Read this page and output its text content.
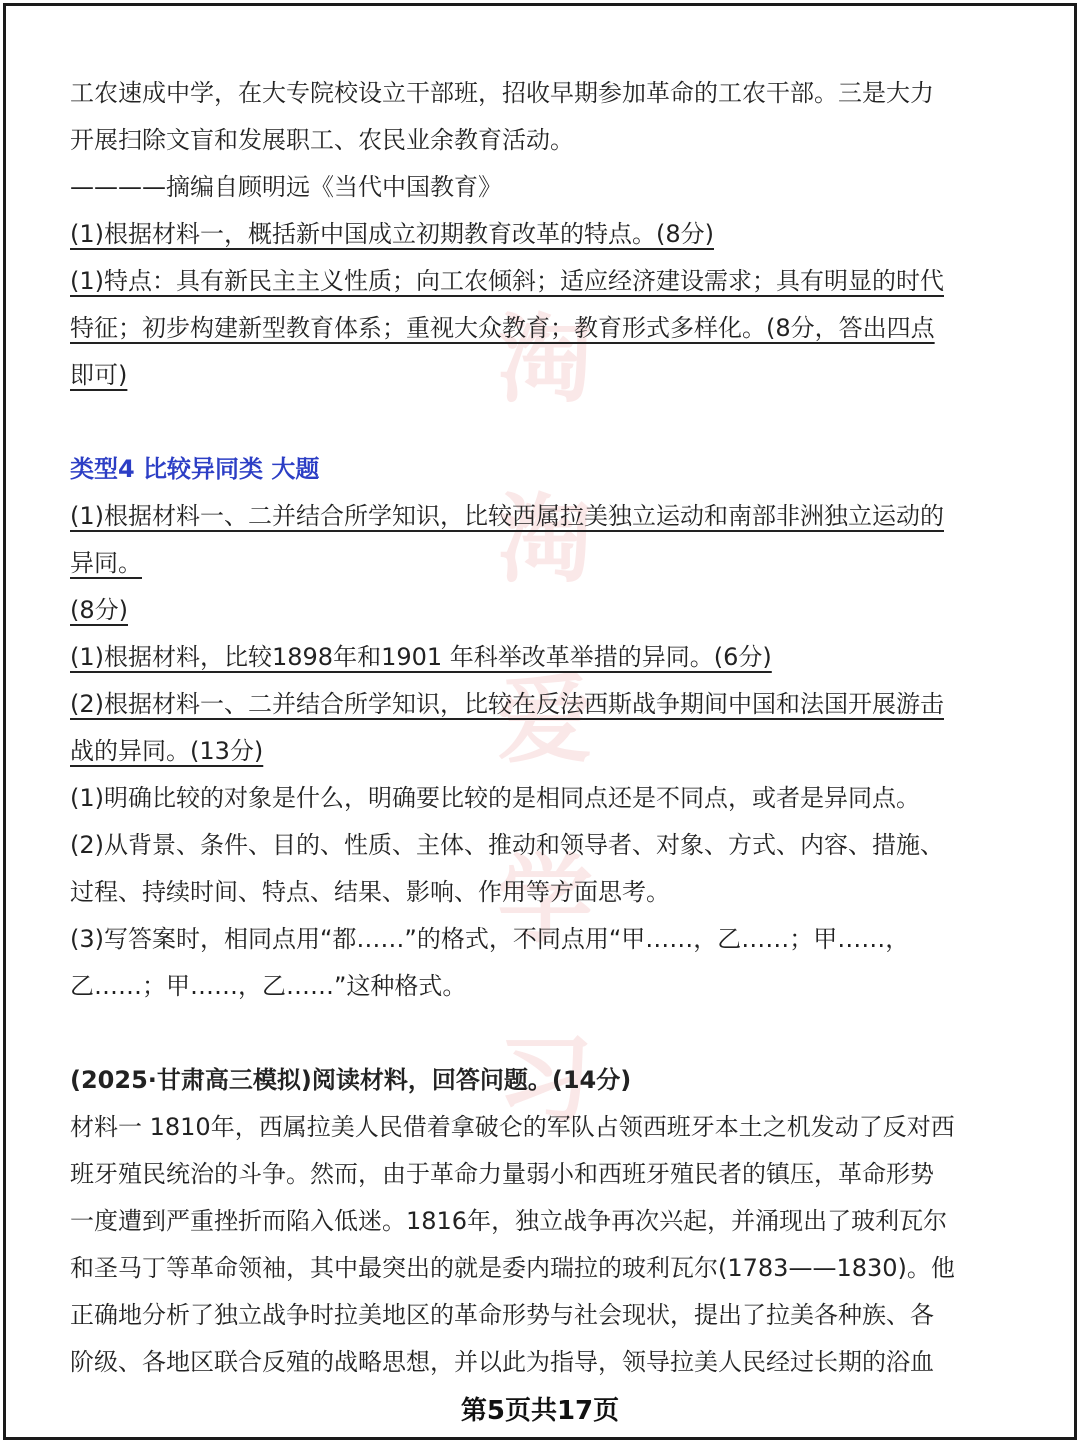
淘
淘
爱
学
习
工农速成中学，在大专院校设立干部班，招收早期参加革命的工农干部。三是大力
开展扫除文盲和发展职工、农民业余教育活动。
————摘编自顾明远《当代中国教育》
(1)根据材料一，概括新中国成立初期教育改革的特点。(8分)
(1)特点：具有新民主主义性质；向工农倾斜；适应经济建设需求；具有明显的时代
特征；初步构建新型教育体系；重视大众教育；教育形式多样化。(8分，答出四点
即可)
类型4 比较异同类 大题
(1)根据材料一、二并结合所学知识，比较西属拉美独立运动和南部非洲独立运动的
异同。
(8分)
(1)根据材料，比较1898年和1901 年科举改革举措的异同。(6分)
(2)根据材料一、二并结合所学知识，比较在反法西斯战争期间中国和法国开展游击
战的异同。(13分)
(1)明确比较的对象是什么，明确要比较的是相同点还是不同点，或者是异同点。
(2)从背景、条件、目的、性质、主体、推动和领导者、对象、方式、内容、措施、
过程、持续时间、特点、结果、影响、作用等方面思考。
(3)写答案时，相同点用“都……”的格式，不同点用“甲……，乙……；甲……，
乙……；甲……，乙……”这种格式。
(2025·甘肃高三模拟)阅读材料，回答问题。(14分)
材料一 1810年，西属拉美人民借着拿破仑的军队占领西班牙本土之机发动了反对西
班牙殖民统治的斗争。然而，由于革命力量弱小和西班牙殖民者的镇压，革命形势
一度遭到严重挫折而陷入低迷。1816年，独立战争再次兴起，并涌现出了玻利瓦尔
和圣马丁等革命领袖，其中最突出的就是委内瑞拉的玻利瓦尔(1783——1830)。他
正确地分析了独立战争时拉美地区的革命形势与社会现状，提出了拉美各种族、各
阶级、各地区联合反殖的战略思想，并以此为指导，领导拉美人民经过长期的浴血
第5页共17页
